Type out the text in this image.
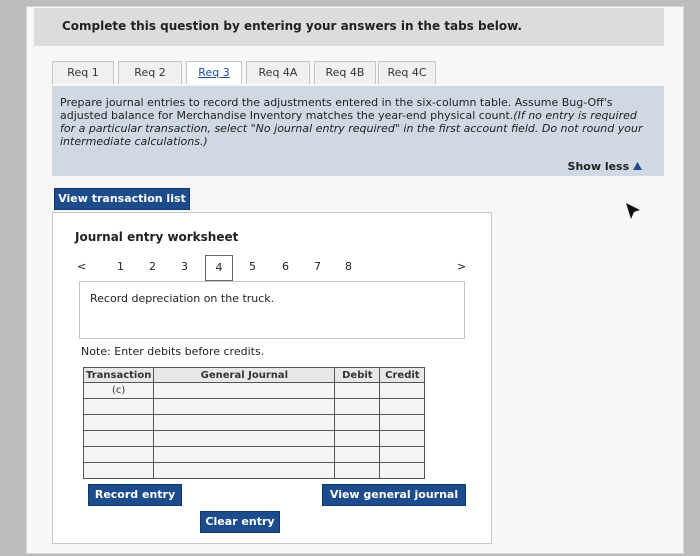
Complete this question by entering your answers in the tabs below.
Req 1	Req 2	Req 3	Req 4A	Req 4B	Req 4C
Prepare journal entries to record the adjustments entered in the six-column table. Assume Bug-Off's adjusted balance for Merchandise Inventory matches the year-end physical count.(If no entry is required for a particular transaction, select "No journal entry required" in the first account field. Do not round your intermediate calculations.)
Show less
View transaction list
Journal entry worksheet
<	1 2 3	4	5 6 7 8	>
Record depreciation on the truck.
Note: Enter debits before credits.
Transaction	General Journal	Debit	Credit
(c)			

Record entry
Clear entry
View general journal
